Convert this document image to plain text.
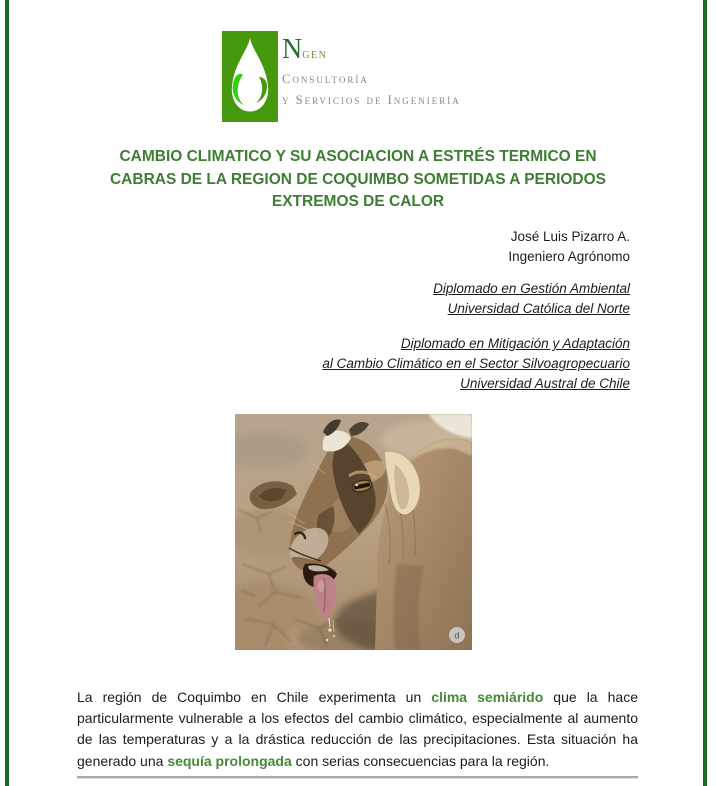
Ngen
Consultoría
y Servicios de Ingeniería
CAMBIO CLIMATICO Y SU ASOCIACION A ESTRÉS TERMICO EN
CABRAS DE LA REGION DE COQUIMBO SOMETIDAS A PERIODOS
EXTREMOS DE CALOR
José Luis Pizarro A.
Ingeniero Agrónomo
Diplomado en Gestión Ambiental
Universidad Católica del Norte
Diplomado en Mitigación y Adaptación
al Cambio Climático en el Sector Silvoagropecuario
Universidad Austral de Chile
d

La región de Coquimbo en Chile experimenta un clima semiárido que la hace particularmente vulnerable a los efectos del cambio climático, especialmente al aumento de las temperaturas y a la drástica reducción de las precipitaciones. Esta situación ha generado una sequía prolongada con serias consecuencias para la región.
